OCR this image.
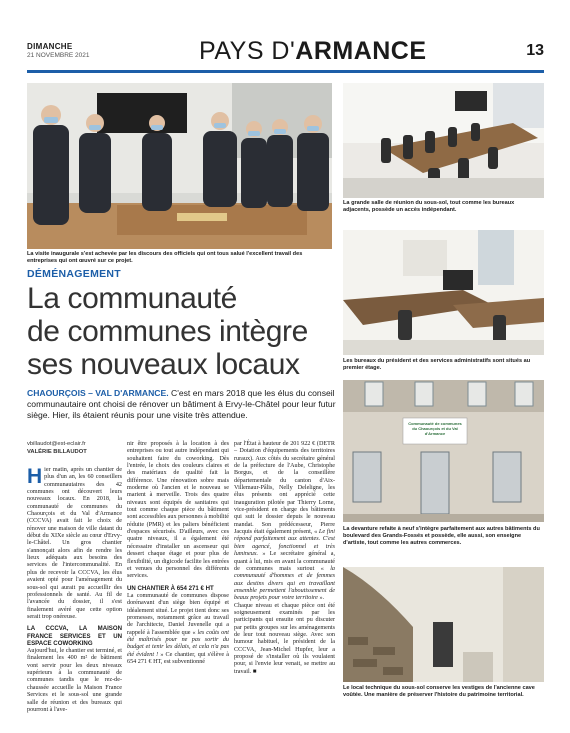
DIMANCHE
21 NOVEMBRE 2021	PAYS D'ARMANCE	13
La visite inaugurale s'est achevée par les discours des officiels qui ont tous salué l'excellent travail des entreprises qui ont œuvré sur ce projet.
La grande salle de réunion du sous-sol, tout comme les bureaux adjacents, possède un accès indépendant.
Les bureaux du président et des services administratifs sont situés au premier étage.
Communauté de communes du Chaourçois et du Val d'Armance
La devanture refaite à neuf s'intègre parfaitement aux autres bâtiments du boulevard des Grands-Fossés et possède, elle aussi, son enseigne d'artiste, tout comme les autres commerces.
Le local technique du sous-sol conserve les vestiges de l'ancienne cave voûtée. Une manière de préserver l'histoire du patrimoine territorial.
DÉMÉNAGEMENT
La communauté
de communes intègre
ses nouveaux locaux
CHAOURÇOIS – VAL D'ARMANCE. C'est en mars 2018 que les élus du conseil communautaire ont choisi de rénover un bâtiment à Ervy-le-Châtel pour leur futur siège. Hier, ils étaient réunis pour une visite très attendue.
vbillaudot@est-eclair.fr
VALÉRIE BILLAUDOT

Hier matin, après un chantier de plus d'un an, les 60 conseillers communautaires des 42 communes ont découvert leurs nouveaux locaux. En 2018, la communauté de communes du Chaourçois et du Val d'Armance (CCCVA) avait fait le choix de rénover une maison de ville datant du début du XIXe siècle au cœur d'Ervy-le-Châtel. Un gros chantier s'annonçait alors afin de rendre les lieux adéquats aux besoins des services de l'intercommunalité. En plus de recevoir la CCCVA, les élus avaient opté pour l'aménagement du sous-sol qui aurait pu accueillir des professionnels de santé. Au fil de l'avancée du dossier, il s'est finalement avéré que cette option serait trop onéreuse.

LA CCCVA, LA MAISON FRANCE SERVICES ET UN ESPACE COWORKING

Aujourd'hui, le chantier est terminé, et finalement les 400 m² de bâtiment vont servir pour les deux niveaux supérieurs à la communauté de communes tandis que le rez-de-chaussée accueille la Maison France Services et le sous-sol une grande salle de réunion et des bureaux qui pourront à l'ave-

nir être proposés à la location à des entreprises ou tout autre indépendant qui souhaitent faire du coworking. Dès l'entrée, le choix des couleurs claires et des matériaux de qualité fait la différence. Une rénovation sobre mais moderne où l'ancien et le nouveau se marient à merveille. Trois des quatre niveaux sont équipés de sanitaires qui tout comme chaque pièce du bâtiment sont accessibles aux personnes à mobilité réduite (PMR) et les paliers bénéficient d'espaces sécurisés. D'ailleurs, avec ces quatre niveaux, il a également été nécessaire d'installer un ascenseur qui dessert chaque étage et pour plus de flexibilité, un digicode facilite les entrées et venues du personnel des différents services.

UN CHANTIER À 654 271 € HT

La communauté de communes dispose dorénavant d'un siège bien équipé et idéalement situé. Le projet tient donc ses promesses, notamment grâce au travail de l'architecte, Daniel Juvenelle qui a rappelé à l'assemblée que « les coûts ont été maîtrisés pour ne pas sortir du budget et tenir les délais, et cela n'a pas été évident ! » Ce chantier, qui s'élève à 654 271 € HT, est subventionné

par l'État à hauteur de 201 922 € (DETR – Dotation d'équipements des territoires ruraux). Aux côtés du secrétaire général de la préfecture de l'Aube, Christophe Borgus, et de la conseillère départementale du canton d'Aix-Villemaur-Pâlis, Nelly Deleligne, les élus présents ont apprécié cette inauguration pilotée par Thierry Lorne, vice-président en charge des bâtiments qui suit le dossier depuis le nouveau mandat. Son prédécesseur, Pierre Jacquis était également présent, « Le fini répond parfaitement aux attentes. C'est bien agencé, fonctionnel et très lumineux. » Le secrétaire général a, quant à lui, mis en avant la communauté de communes mais surtout « la communauté d'hommes et de femmes aux destins divers qui en travaillant ensemble permettent l'aboutissement de beaux projets pour votre territoire ».

Chaque niveau et chaque pièce ont été soigneusement examinés par les participants qui ensuite ont pu discuter par petits groupes sur les aménagements de leur tout nouveau siège. Avec son humour habituel, le président de la CCCVA, Jean-Michel Hupfer, leur a proposé de s'installer où ils voulaient pour, si l'envie leur venait, se mettre au travail. ■
